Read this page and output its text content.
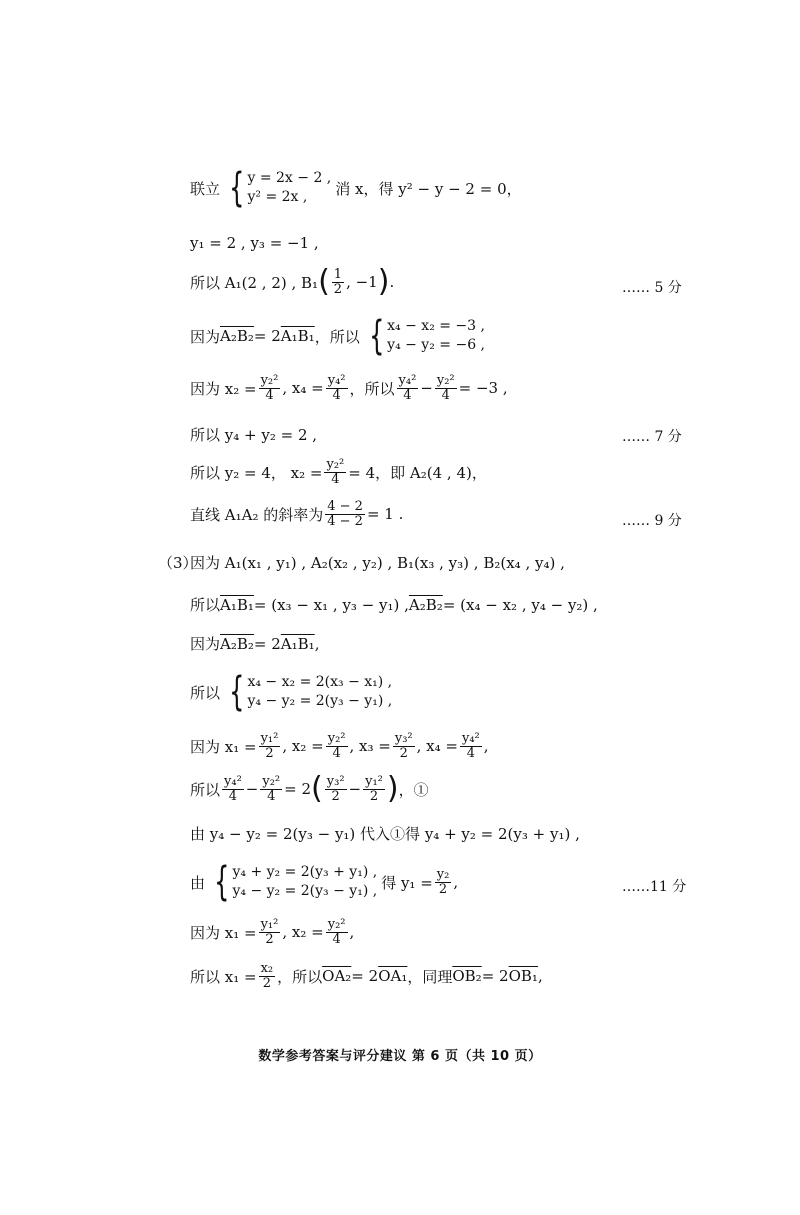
联立 { y = 2x − 2 ,
y² = 2x ,	消 x，得 y² − y − 2 = 0，
y₁ = 2 , y₃ = −1 ,
所以 A₁(2 , 2) , B₁ ( $\frac{1}{2}$ , −1 ) .	…… 5 分
因为 A₂B₂ = 2 A₁B₁ ，所以 { x₄ − x₂ = −3 ,
y₄ − y₂ = −6 ,
因为 $x_2 = \frac{\text{y₂²}}{4}$ , $x_4 = \frac{\text{y₄²}}{4}$ ，所以 $\frac{\text{y₄²}}{4} - \frac{\text{y₂²}}{4} = -3$ ,
所以 y₄ + y₂ = 2 ,	…… 7 分
所以 y₂ = 4， $x_2 = \frac{\text{y₂²}}{4} = 4$，即 A₂(4 , 4)，
直线 A₁A₂ 的斜率为 $\frac{4 - 2}{4 - 2} = 1$ .	…… 9 分
（3）
因为 A₁(x₁ , y₁) , A₂(x₂ , y₂) , B₁(x₃ , y₃) , B₂(x₄ , y₄) ,
所以 A₁B₁ = (x₃ − x₁ , y₃ − y₁) , A₂B₂ = (x₄ − x₂ , y₄ − y₂) ,
因为 A₂B₂ = 2 A₁B₁ ,
所以 { x₄ − x₂ = 2(x₃ − x₁) ,
y₄ − y₂ = 2(y₃ − y₁) ,
因为 $x_1 = \frac{\text{y₁²}}{2}$ , $x_2 = \frac{\text{y₂²}}{4}$ , $x_3 = \frac{\text{y₃²}}{2}$ , $x_4 = \frac{\text{y₄²}}{4}$ ,
所以 $\frac{\text{y₄²}}{4} - \frac{\text{y₂²}}{4} = 2$ ( $\frac{\text{y₃²}}{2} - \frac{\text{y₁²}}{2}$ ) ，①
由 y₄ − y₂ = 2(y₃ − y₁) 代入①得 y₄ + y₂ = 2(y₃ + y₁) ,
由 { y₄ + y₂ = 2(y₃ + y₁) ,
y₄ − y₂ = 2(y₃ − y₁) , 得 $y_1 = \frac{\text{y₂}}{2}$ ,	……11 分
因为 $x_1 = \frac{\text{y₁²}}{2}$ , $x_2 = \frac{\text{y₂²}}{4}$ ,
所以 $x_1 = \frac{\text{x₂}}{2}$ ，所以 OA₂ = 2 OA₁ ，同理 OB₂ = 2 OB₁ ,
数学参考答案与评分建议 第 6 页（共 10 页）
